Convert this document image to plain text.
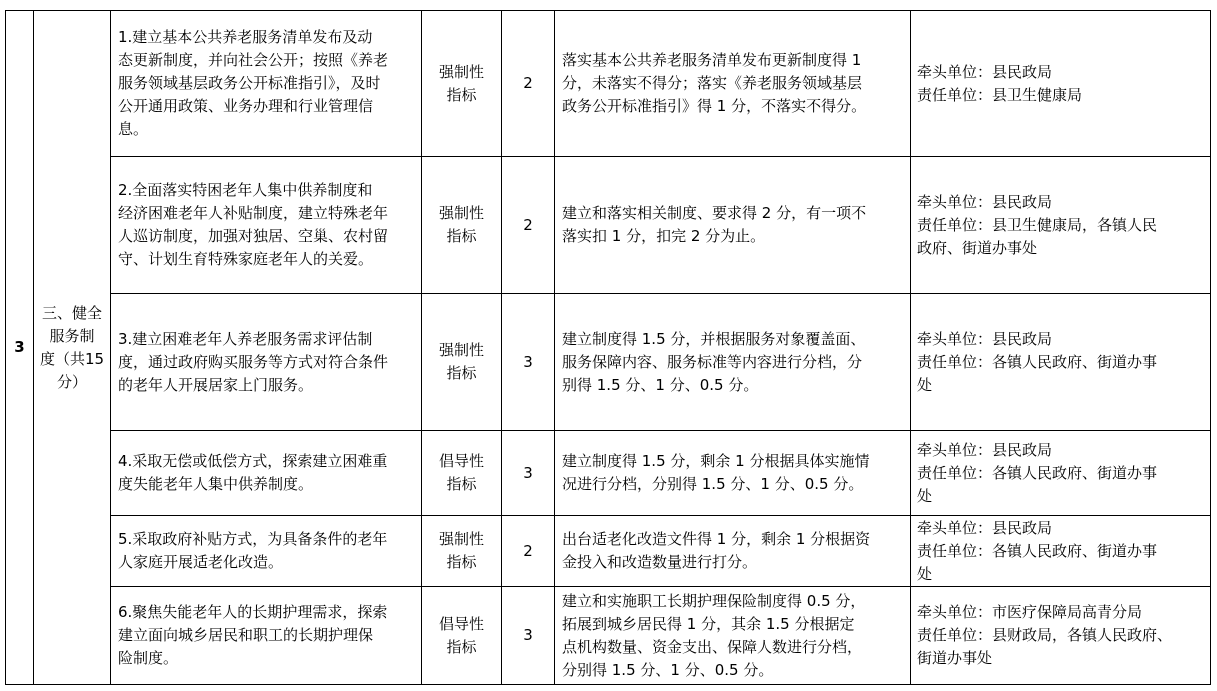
3	三、健全
服务制
度（共15
分）	1.建立基本公共养老服务清单发布及动
态更新制度，并向社会公开；按照《养老
服务领域基层政务公开标准指引》，及时
公开通用政策、业务办理和行业管理信
息。	强制性
指标	2	落实基本公共养老服务清单发布更新制度得 1
分，未落实不得分；落实《养老服务领域基层
政务公开标准指引》得 1 分，不落实不得分。	牵头单位：县民政局
责任单位：县卫生健康局

		2.全面落实特困老年人集中供养制度和
经济困难老年人补贴制度，建立特殊老年
人巡访制度，加强对独居、空巢、农村留
守、计划生育特殊家庭老年人的关爱。	强制性
指标	2	建立和落实相关制度、要求得 2 分，有一项不
落实扣 1 分，扣完 2 分为止。	牵头单位：县民政局
责任单位：县卫生健康局，各镇人民
政府、街道办事处

		3.建立困难老年人养老服务需求评估制
度，通过政府购买服务等方式对符合条件
的老年人开展居家上门服务。	强制性
指标	3	建立制度得 1.5 分，并根据服务对象覆盖面、
服务保障内容、服务标准等内容进行分档，分
别得 1.5 分、1 分、0.5 分。	牵头单位：县民政局
责任单位：各镇人民政府、街道办事
处

		4.采取无偿或低偿方式，探索建立困难重
度失能老年人集中供养制度。	倡导性
指标	3	建立制度得 1.5 分，剩余 1 分根据具体实施情
况进行分档，分别得 1.5 分、1 分、0.5 分。	牵头单位：县民政局
责任单位：各镇人民政府、街道办事
处

		5.采取政府补贴方式，为具备条件的老年
人家庭开展适老化改造。	强制性
指标	2	出台适老化改造文件得 1 分，剩余 1 分根据资
金投入和改造数量进行打分。	牵头单位：县民政局
责任单位：各镇人民政府、街道办事
处

		6.聚焦失能老年人的长期护理需求，探索
建立面向城乡居民和职工的长期护理保
险制度。	倡导性
指标	3	建立和实施职工长期护理保险制度得 0.5 分，
拓展到城乡居民得 1 分，其余 1.5 分根据定
点机构数量、资金支出、保障人数进行分档，
分别得 1.5 分、1 分、0.5 分。	牵头单位：市医疗保障局高青分局
责任单位：县财政局，各镇人民政府、
街道办事处
